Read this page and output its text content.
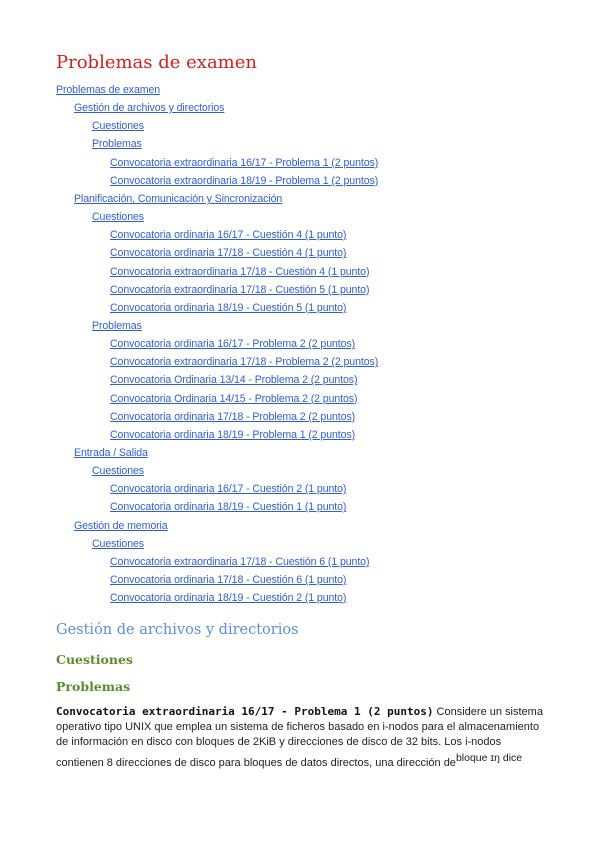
Problemas de examen
Problemas de examen
Gestión de archivos y directorios
Cuestiones
Problemas
Convocatoria extraordinaria 16/17 - Problema 1 (2 puntos)
Convocatoria extraordinaria 18/19 - Problema 1 (2 puntos)
Planificación, Comunicación y Sincronización
Cuestiones
Convocatoria ordinaria 16/17 - Cuestión 4 (1 punto)
Convocatoria ordinaria 17/18 - Cuestión 4 (1 punto)
Convocatoria extraordinaria 17/18 - Cuestión 4 (1 punto)
Convocatoria extraordinaria 17/18 - Cuestión 5 (1 punto)
Convocatoria ordinaria 18/19 - Cuestión 5 (1 punto)
Problemas
Convocatoria ordinaria 16/17 - Problema 2 (2 puntos)
Convocatoria extraordinaria 17/18 - Problema 2 (2 puntos)
Convocatoria Ordinaria 13/14 - Problema 2 (2 puntos)
Convocatoria Ordinaria 14/15 - Problema 2 (2 puntos)
Convocatoria ordinaria 17/18 - Problema 2 (2 puntos)
Convocatoria ordinaria 18/19 - Problema 1 (2 puntos)
Entrada / Salida
Cuestiones
Convocatoria ordinaria 16/17 - Cuestión 2 (1 punto)
Convocatoria ordinaria 18/19 - Cuestión 1 (1 punto)
Gestión de memoria
Cuestiones
Convocatoria extraordinaria 17/18 - Cuestión 6 (1 punto)
Convocatoria ordinaria 17/18 - Cuestión 6 (1 punto)
Convocatoria ordinaria 18/19 - Cuestión 2 (1 punto)
Gestión de archivos y directorios
Cuestiones
Problemas
Convocatoria extraordinaria 16/17 - Problema 1 (2 puntos) Considere un sistema
operativo tipo UNIX que emplea un sistema de ficheros basado en i-nodos para el almacenamiento
de información en disco con bloques de 2KiB y direcciones de disco de 32 bits. Los i-nodos
contienen 8 direcciones de disco para bloques de datos directos, una dirección debloque ɪŋ dice
